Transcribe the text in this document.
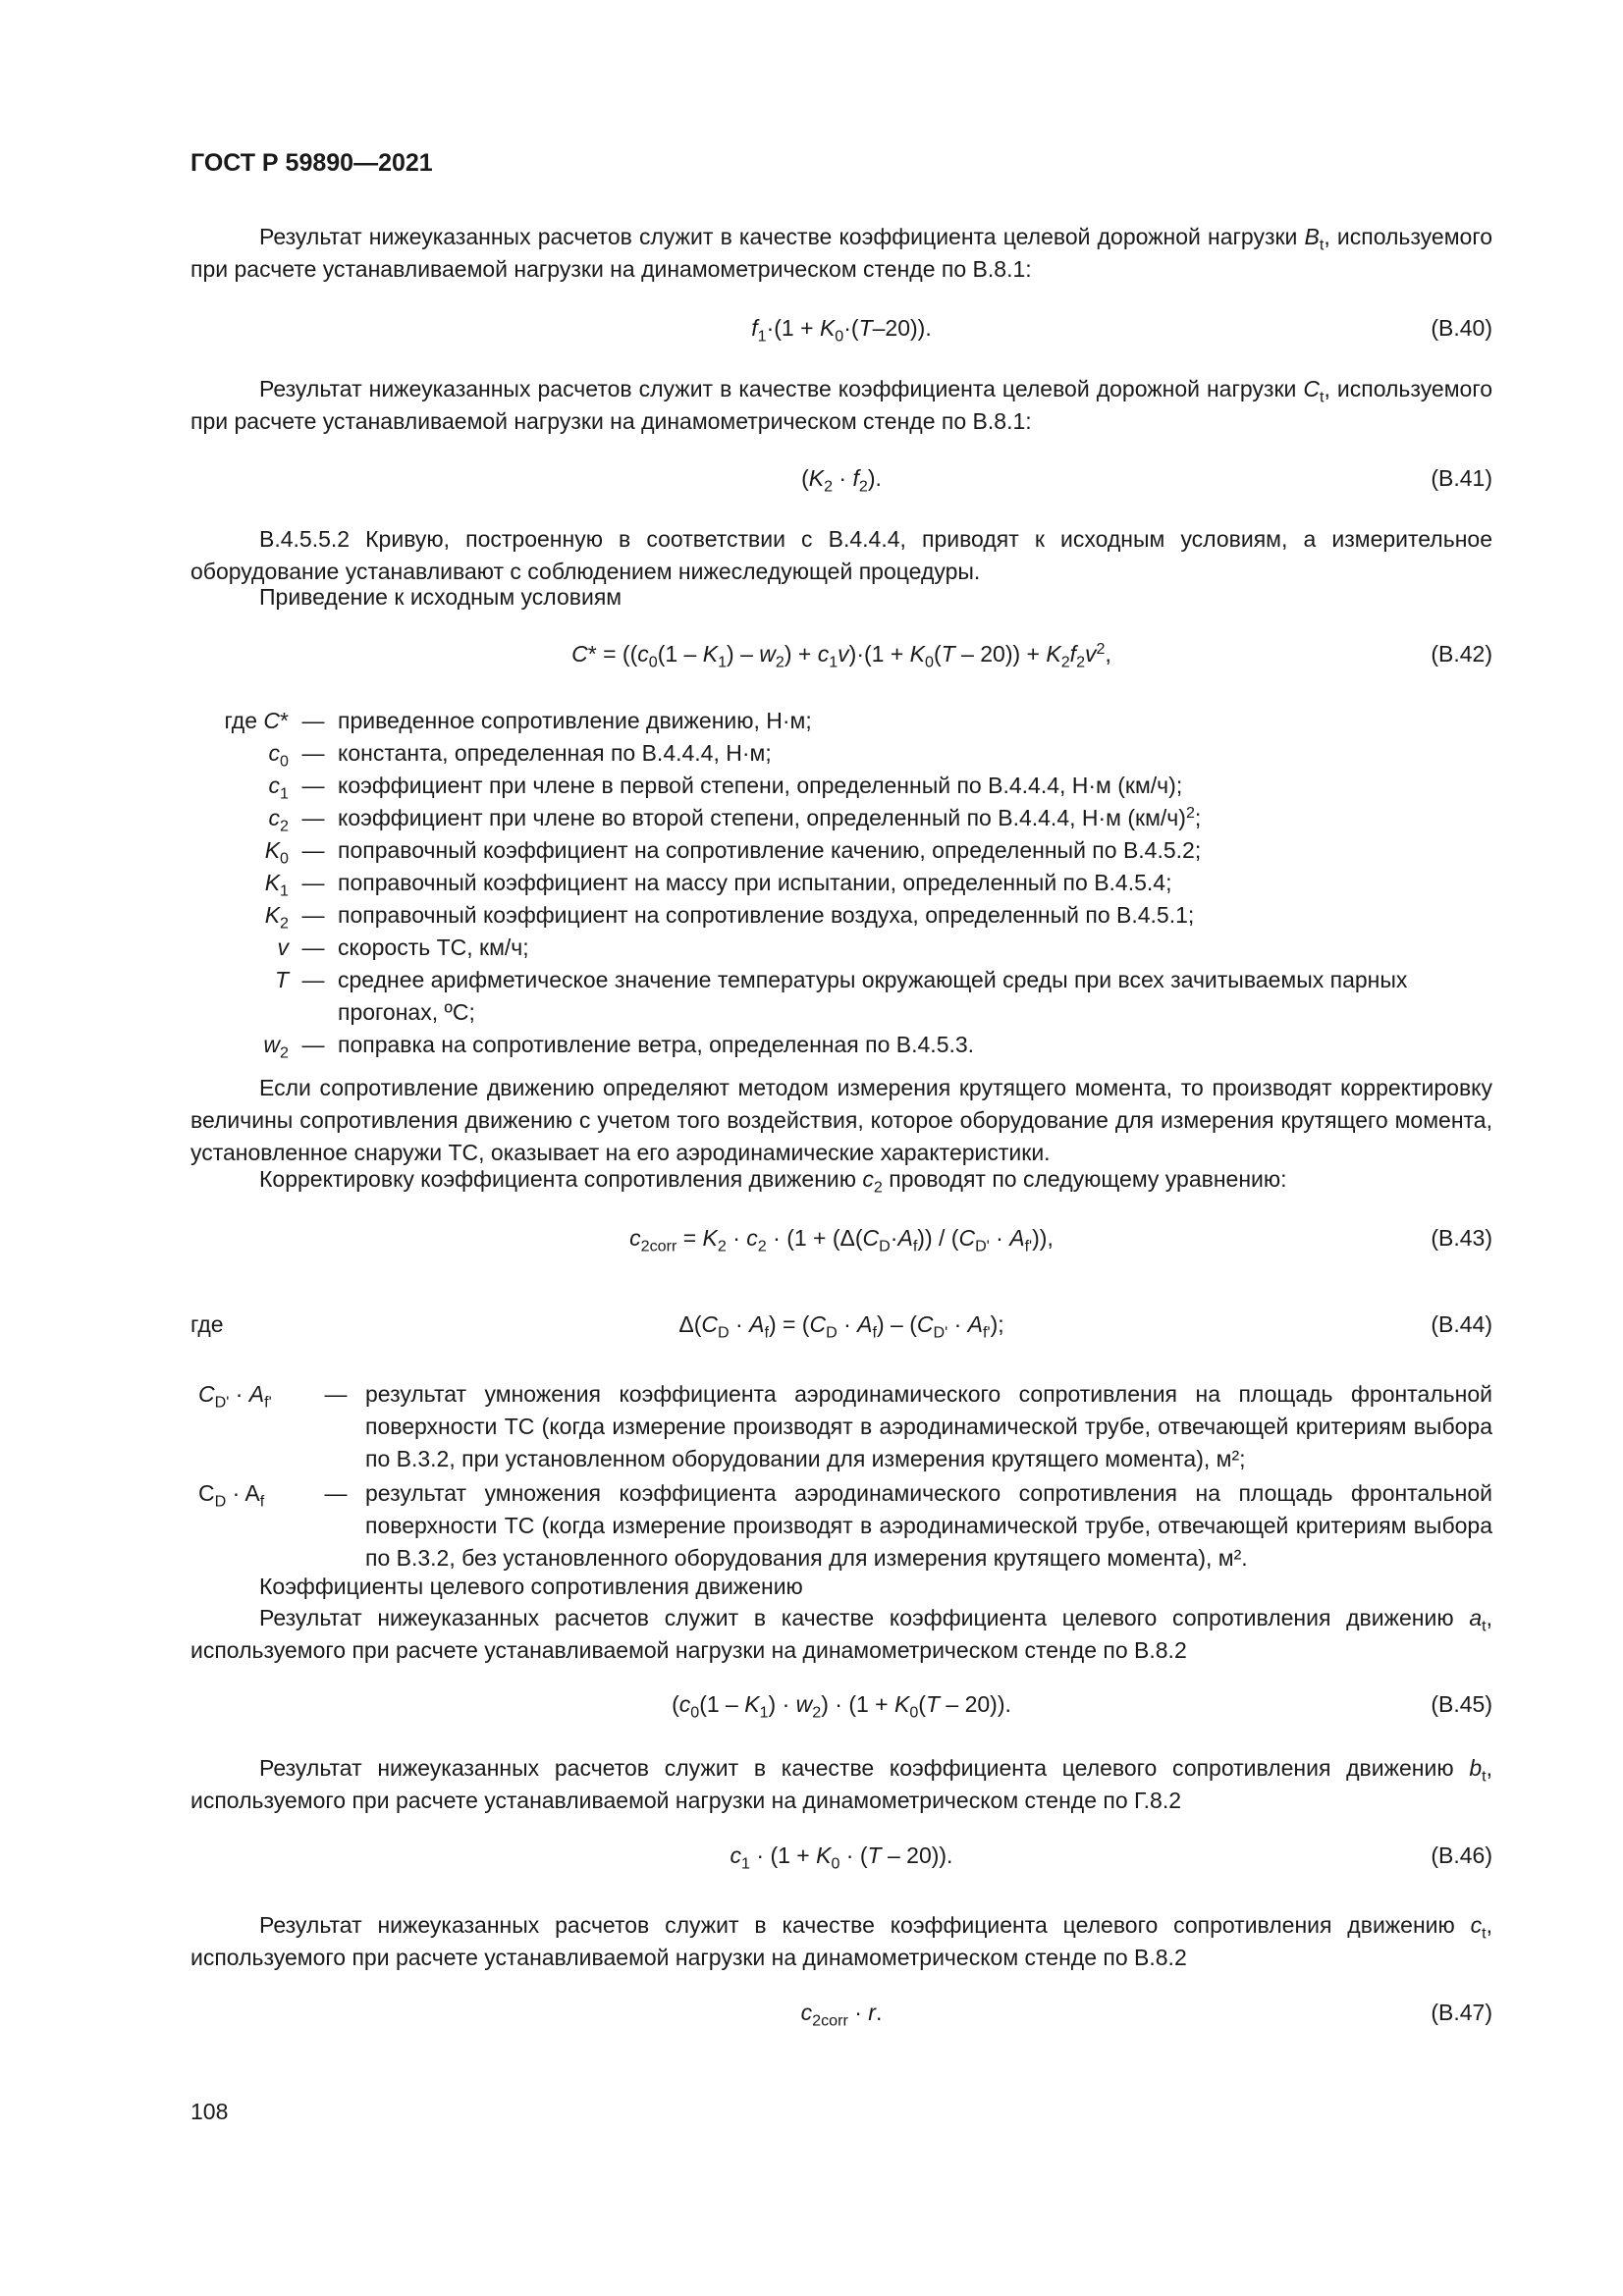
ГОСТ Р 59890—2021
Результат нижеуказанных расчетов служит в качестве коэффициента целевой дорожной нагрузки $B_t$, используемого при расчете устанавливаемой нагрузки на динамометрическом стенде по В.8.1:
$f_1\cdot(1 + K_0\cdot(T-20))$.	(В.40)
Результат нижеуказанных расчетов служит в качестве коэффициента целевой дорожной нагрузки $C_t$, используемого при расчете устанавливаемой нагрузки на динамометрическом стенде по В.8.1:
$(K_2 \cdot f_2)$.	(В.41)
В.4.5.5.2 Кривую, построенную в соответствии с В.4.4.4, приводят к исходным условиям, а измерительное оборудование устанавливают с соблюдением нижеследующей процедуры.
Приведение к исходным условиям
$C* = ((c_0(1 - K_1) - w_2) + c_1v)\cdot(1 + K_0(T - 20)) + K_2f_2v^2$,	(В.42)
где C* — приведенное сопротивление движению, Н·м;
$c_0$ — константа, определенная по В.4.4.4, Н·м;
$c_1$ — коэффициент при члене в первой степени, определенный по В.4.4.4, Н·м (км/ч);
$c_2$ — коэффициент при члене во второй степени, определенный по В.4.4.4, Н·м $(км/ч)^2$;
$K_0$ — поправочный коэффициент на сопротивление качению, определенный по В.4.5.2;
$K_1$ — поправочный коэффициент на массу при испытании, определенный по В.4.5.4;
$K_2$ — поправочный коэффициент на сопротивление воздуха, определенный по В.4.5.1;
v — скорость ТС, км/ч;
T — среднее арифметическое значение температуры окружающей среды при всех зачитываемых парных прогонах, ºС;
$w_2$ — поправка на сопротивление ветра, определенная по В.4.5.3.
Если сопротивление движению определяют методом измерения крутящего момента, то производят корректировку величины сопротивления движению с учетом того воздействия, которое оборудование для измерения крутящего момента, установленное снаружи ТС, оказывает на его аэродинамические характеристики.
Корректировку коэффициента сопротивления движению $c_2$ проводят по следующему уравнению:
$c_{2corr} = K_2 \cdot c_2 \cdot (1 + (\Delta(C_D\cdot A_f)) / (C_{D'} \cdot A_{f'}))$,	(В.43)
где	$\Delta(C_D \cdot A_f) = (C_D \cdot A_f) - (C_{D'} \cdot A_{f'})$;	(В.44)
$C_{D'} \cdot A_{f'}$	— результат умножения коэффициента аэродинамического сопротивления на площадь фронтальной поверхности ТС (когда измерение производят в аэродинамической трубе, отвечающей критериям выбора по В.3.2, при установленном оборудовании для измерения крутящего момента), м²;
$C_D \cdot A_f$	— результат умножения коэффициента аэродинамического сопротивления на площадь фронтальной поверхности ТС (когда измерение производят в аэродинамической трубе, отвечающей критериям выбора по В.3.2, без установленного оборудования для измерения крутящего момента), м².
Коэффициенты целевого сопротивления движению
Результат нижеуказанных расчетов служит в качестве коэффициента целевого сопротивления движению $a_t$, используемого при расчете устанавливаемой нагрузки на динамометрическом стенде по В.8.2
$(c_0(1 - K_1) \cdot w_2) \cdot (1 + K_0(T - 20))$.	(В.45)
Результат нижеуказанных расчетов служит в качестве коэффициента целевого сопротивления движению $b_t$, используемого при расчете устанавливаемой нагрузки на динамометрическом стенде по Г.8.2
$c_1 \cdot (1 + K_0 \cdot (T - 20))$.	(В.46)
Результат нижеуказанных расчетов служит в качестве коэффициента целевого сопротивления движению $c_t$, используемого при расчете устанавливаемой нагрузки на динамометрическом стенде по В.8.2
$c_{2corr} \cdot r$.	(В.47)
108
